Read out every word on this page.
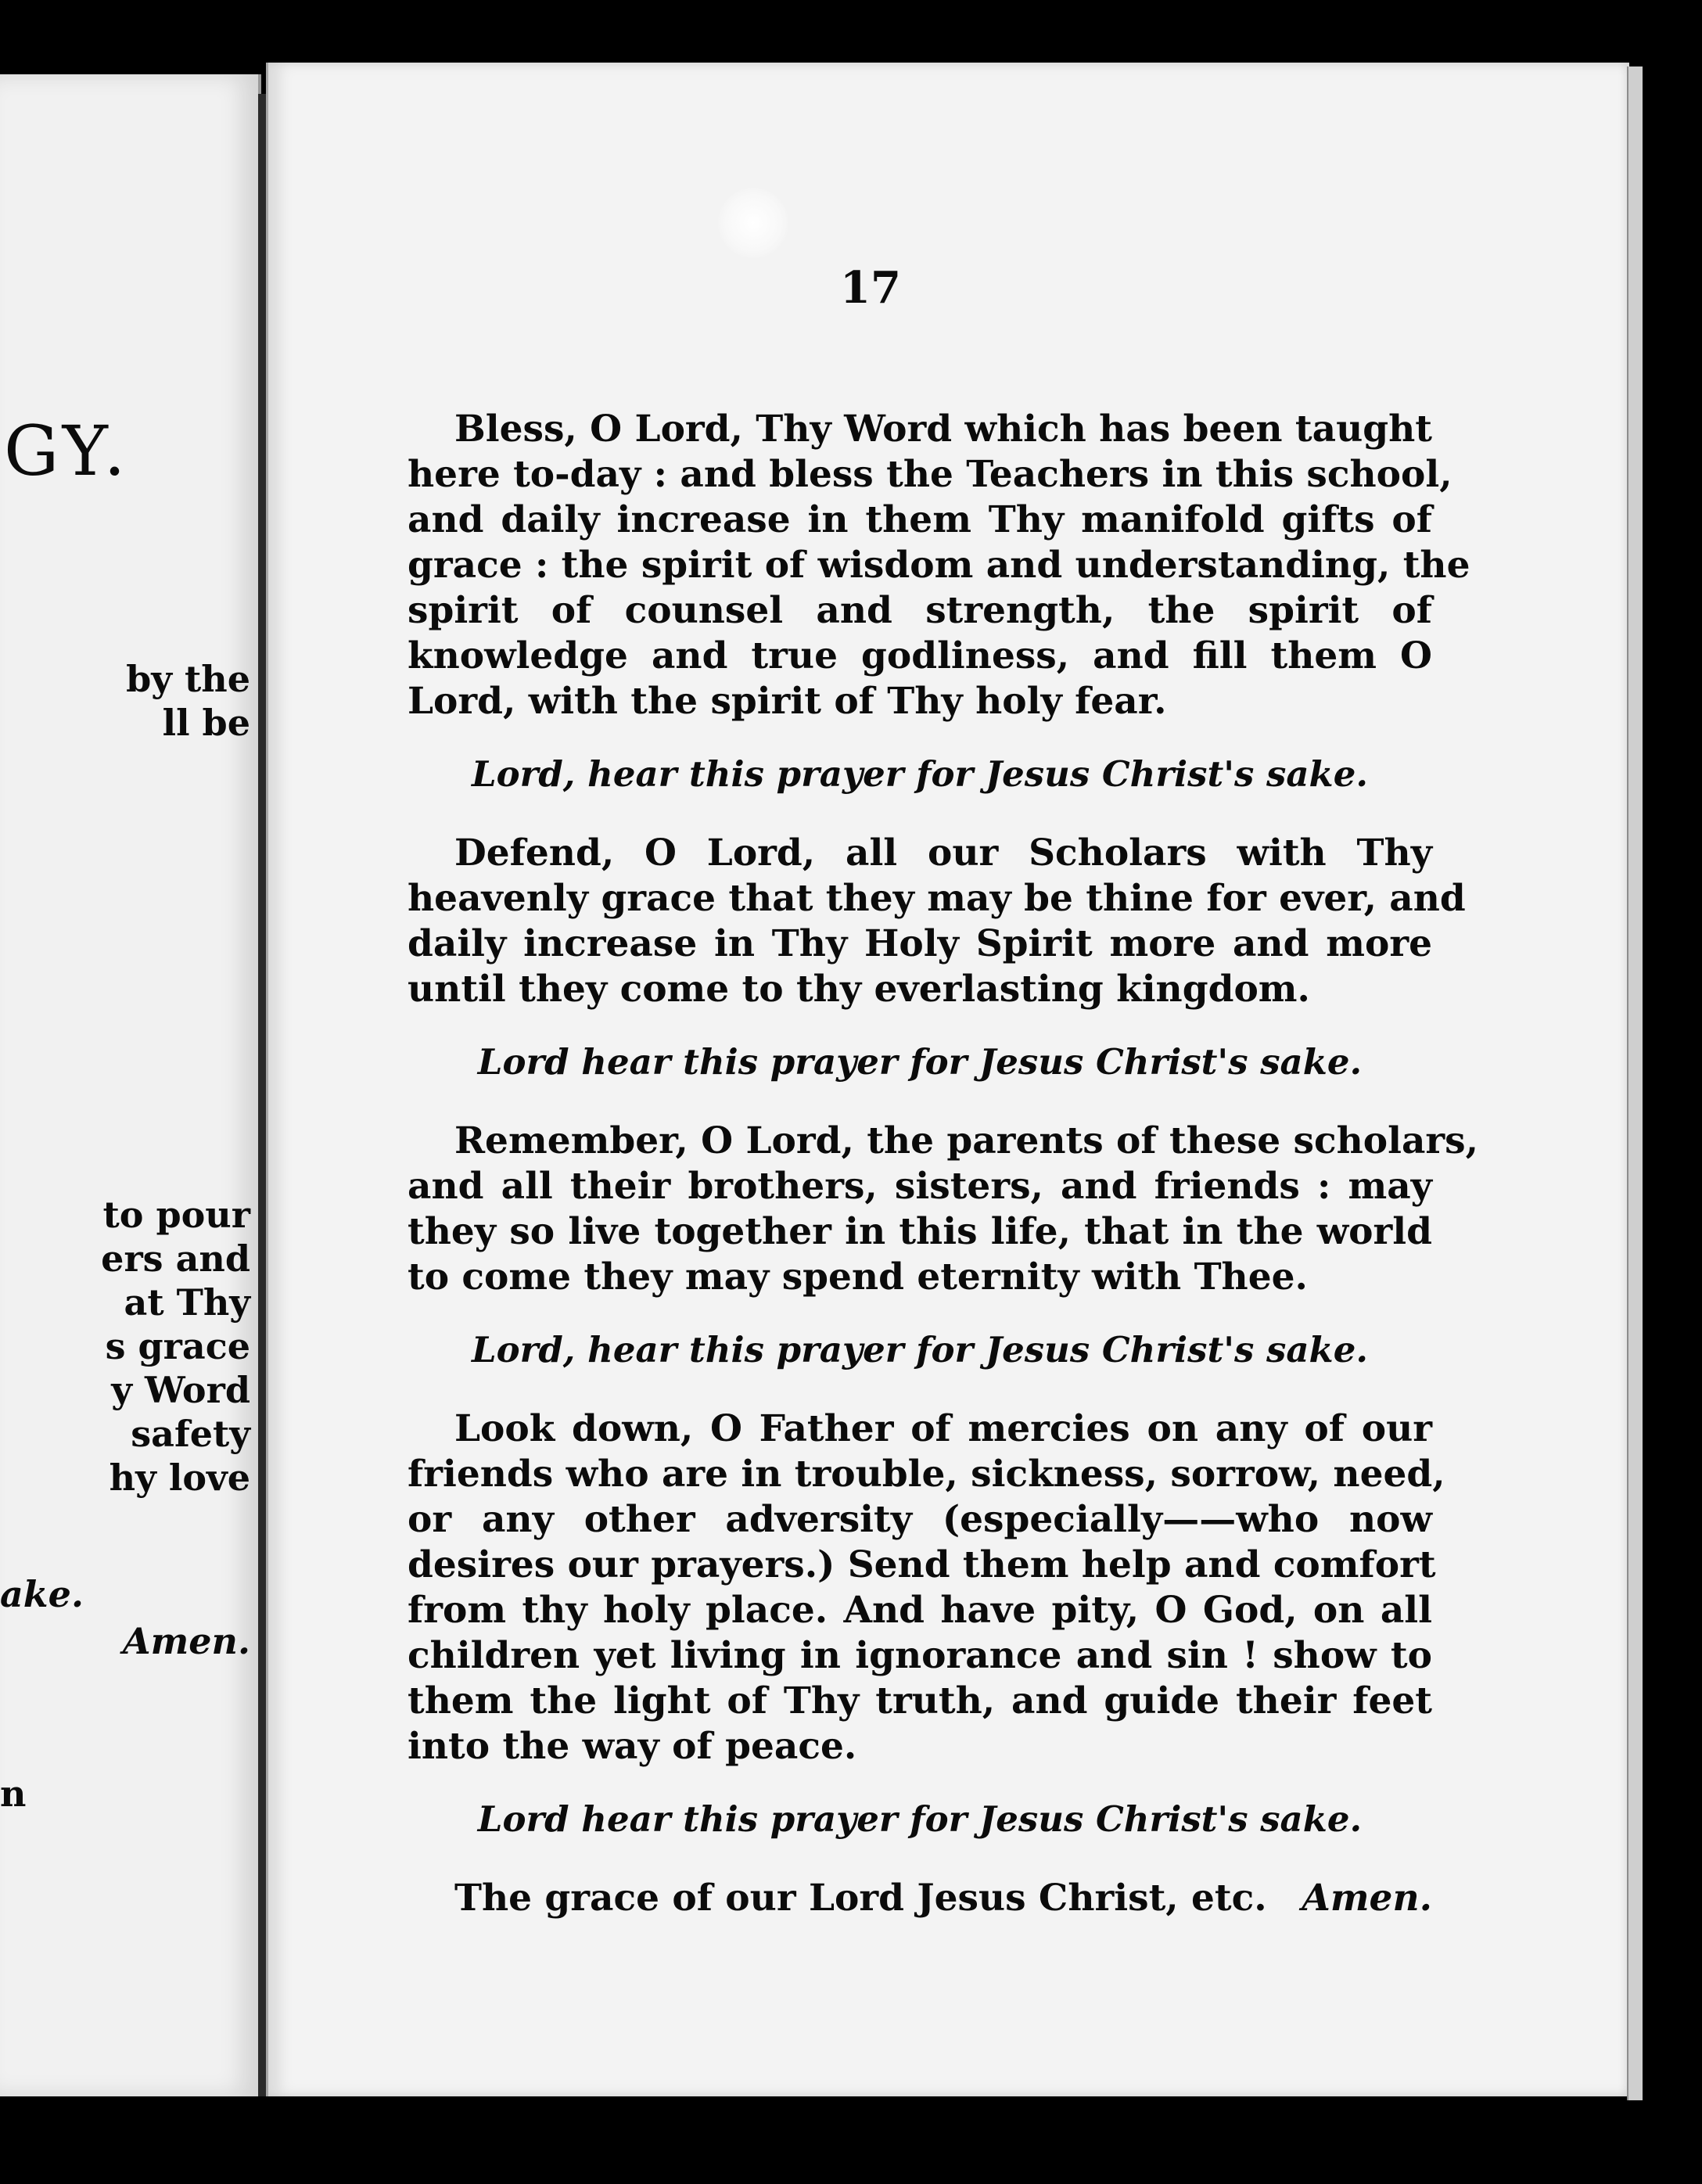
GY.
by the
ll be
to pour
ers and
at Thy
s grace
y Word
safety
hy love
ake.
Amen.
n
17
Bless, O Lord, Thy Word which has been taught
here to-day : and bless the Teachers in this school,
and daily increase in them Thy manifold gifts of
grace : the spirit of wisdom and understanding, the
spirit of counsel and strength, the spirit of
knowledge and true godliness, and fill them O
Lord, with the spirit of Thy holy fear.
Lord, hear this prayer for Jesus Christ's sake.
Defend, O Lord, all our Scholars with Thy
heavenly grace that they may be thine for ever, and
daily increase in Thy Holy Spirit more and more
until they come to thy everlasting kingdom.
Lord hear this prayer for Jesus Christ's sake.
Remember, O Lord, the parents of these scholars,
and all their brothers, sisters, and friends : may
they so live together in this life, that in the world
to come they may spend eternity with Thee.
Lord, hear this prayer for Jesus Christ's sake.
Look down, O Father of mercies on any of our
friends who are in trouble, sickness, sorrow, need,
or any other adversity (especially——who now
desires our prayers.) Send them help and comfort
from thy holy place. And have pity, O God, on all
children yet living in ignorance and sin ! show to
them the light of Thy truth, and guide their feet
into the way of peace.
Lord hear this prayer for Jesus Christ's sake.
The grace of our Lord Jesus Christ, etc. Amen.
